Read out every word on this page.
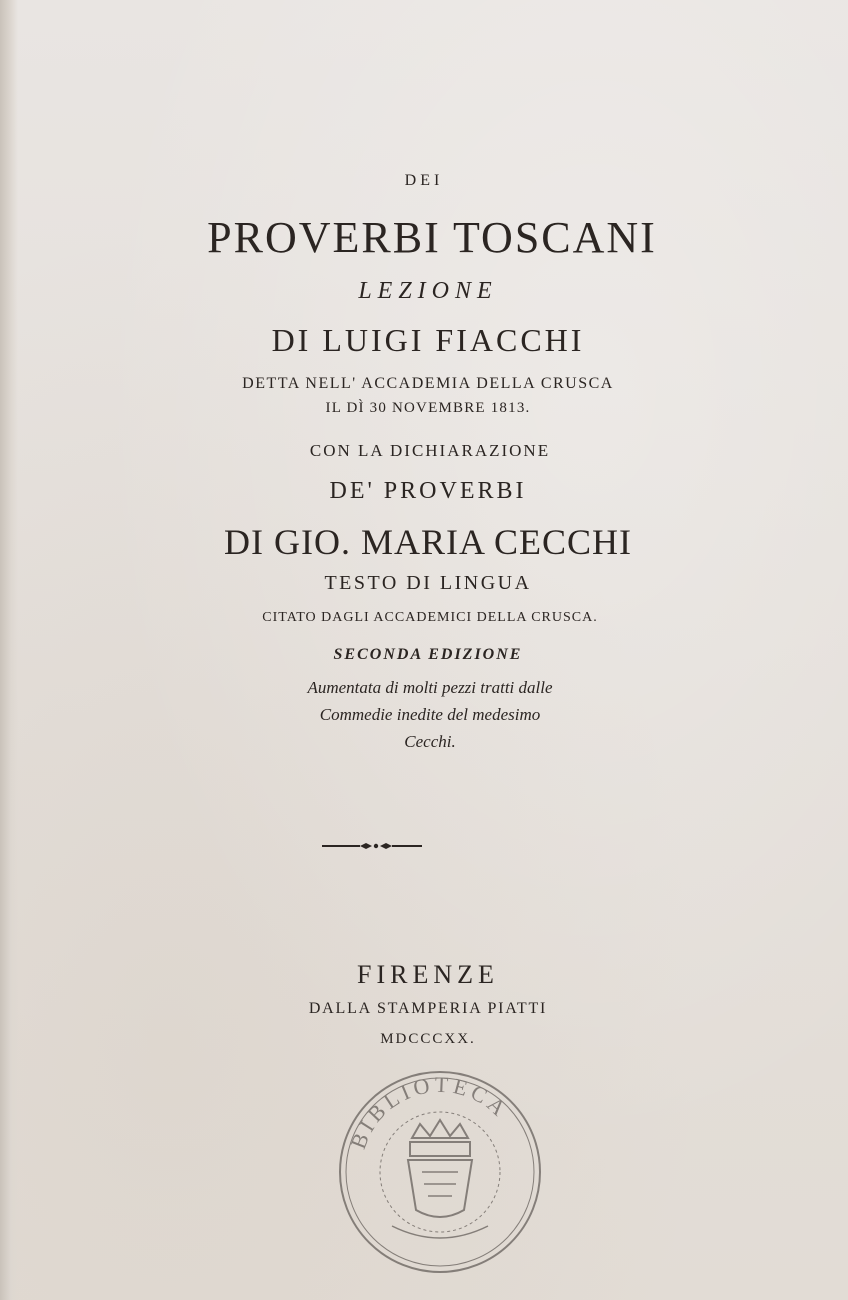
DEI
PROVERBI TOSCANI
LEZIONE
DI LUIGI FIACCHI
DETTA NELL' ACCADEMIA DELLA CRUSCA
IL DÌ 30 NOVEMBRE 1813.
CON LA DICHIARAZIONE
DE' PROVERBI
DI GIO. MARIA CECCHI
TESTO DI LINGUA
CITATO DAGLI ACCADEMICI DELLA CRUSCA.
SECONDA EDIZIONE
Aumentata di molti pezzi tratti dalle
Commedie inedite del medesimo
Cecchi.
FIRENZE
DALLA STAMPERIA PIATTI
MDCCCXX.
BIBLIOTECA
